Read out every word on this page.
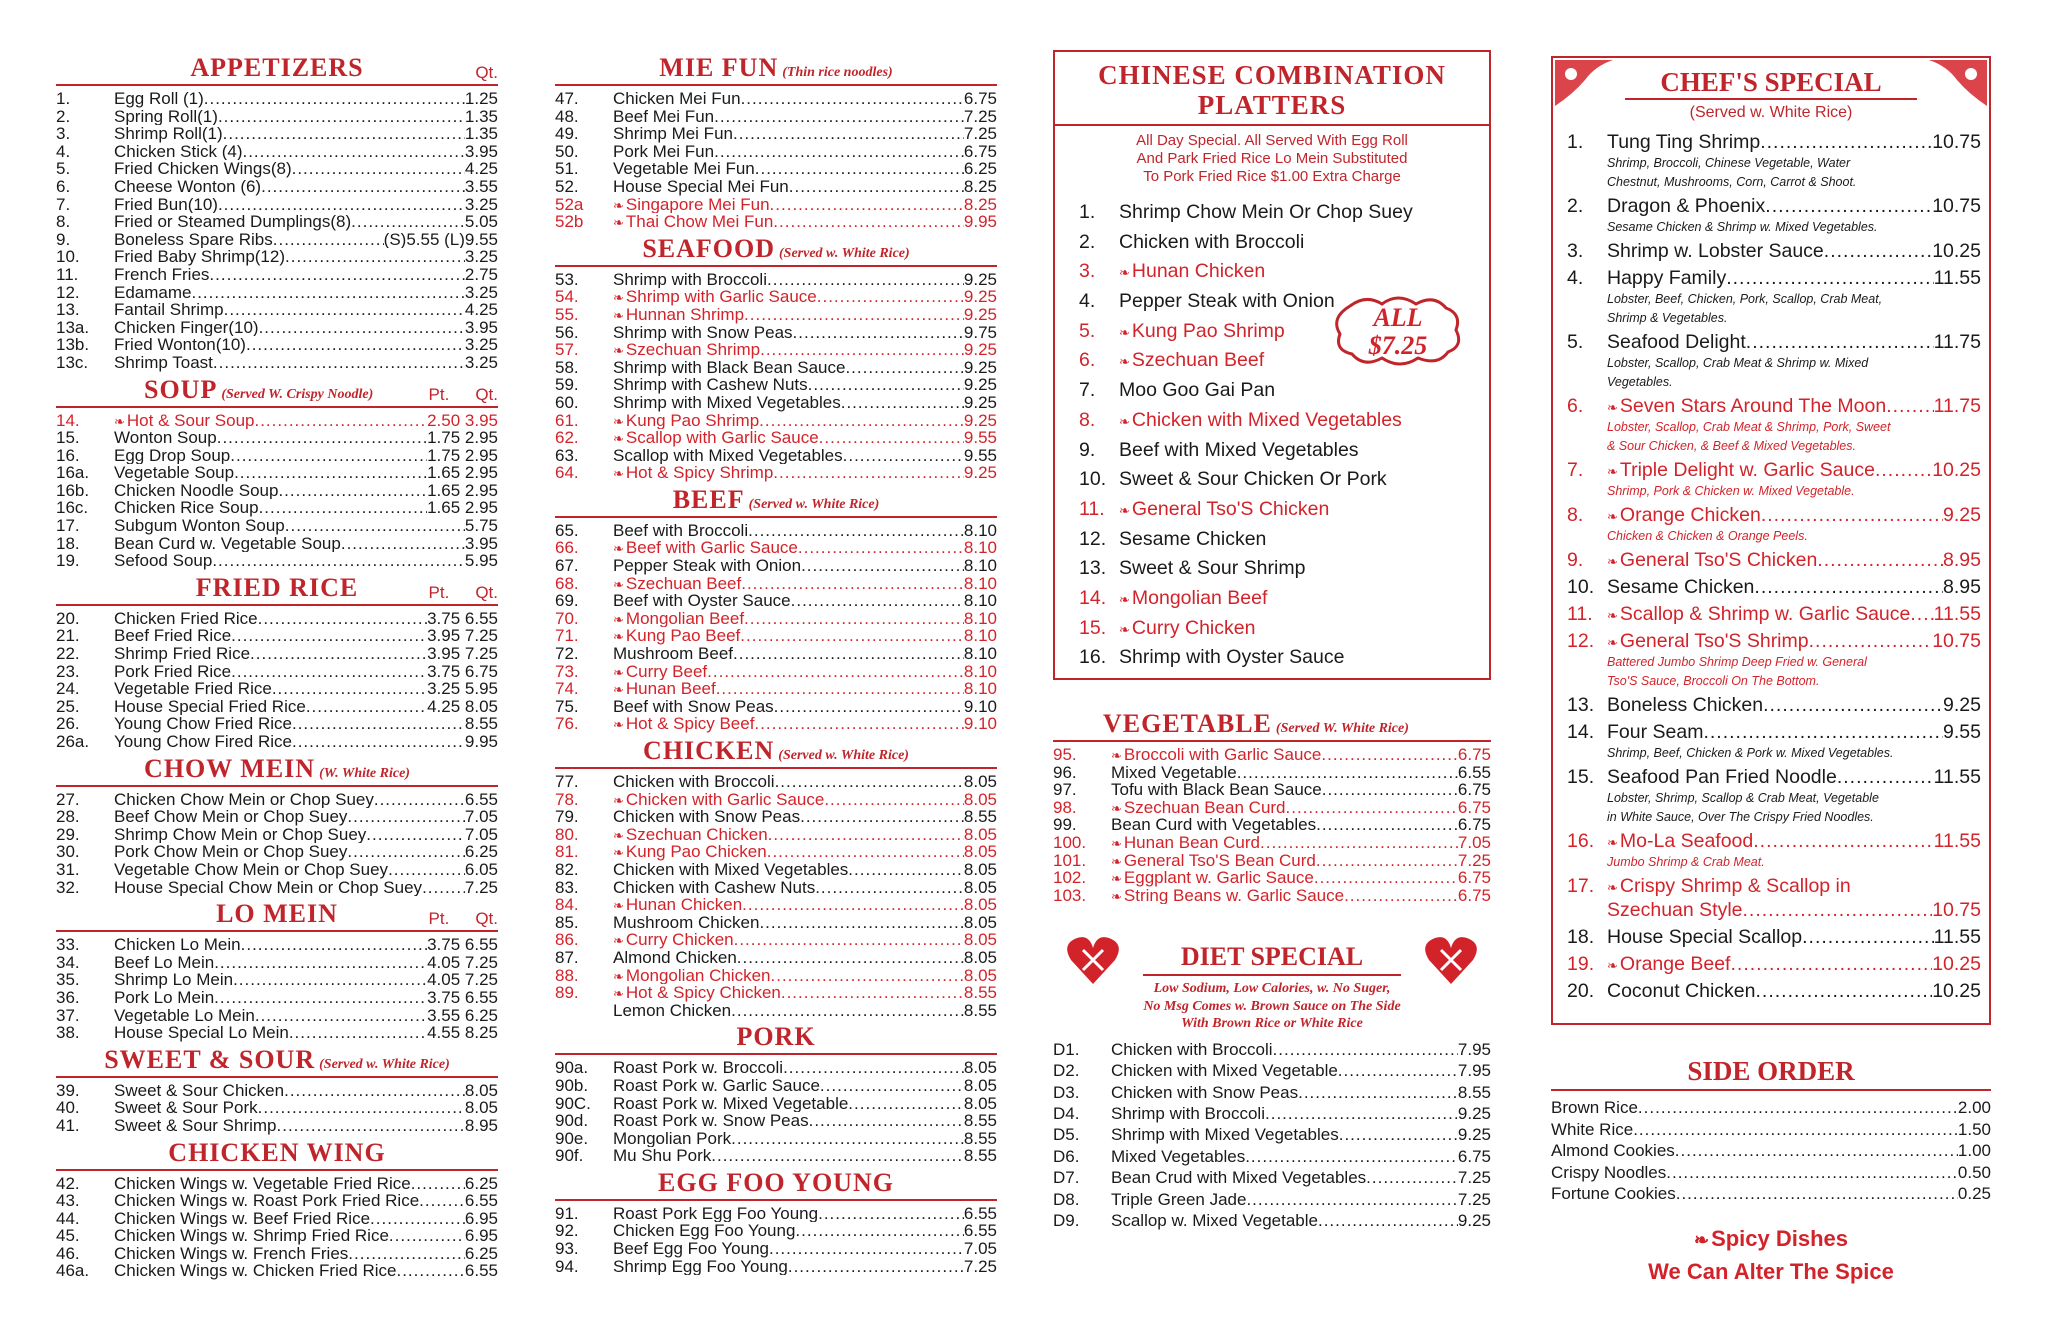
APPETIZERS	Qt.
1.	Egg Roll (1) .....	1.25
2.	Spring Roll(1) .....	1.35
3.	Shrimp Roll(1) .....	1.35
4.	Chicken Stick (4) .....	3.95
5.	Fried Chicken Wings(8) .....	4.25
6.	Cheese Wonton (6) .....	3.55
7.	Fried Bun(10) .....	3.25
8.	Fried or Steamed Dumplings(8) .....	5.05
9.	Boneless Spare Ribs .....	(S)5.55 (L)9.55
10.	Fried Baby Shrimp(12) .....	3.25
11.	French Fries .....	2.75
12.	Edamame .....	3.25
13.	Fantail Shrimp .....	4.25
13a.	Chicken Finger(10) .....	3.95
13b.	Fried Wonton(10) .....	3.25
13c.	Shrimp Toast .....	3.25
SOUP (Served W. Crispy Noodle)	Pt. Qt.
14.	❧ Hot & Sour Soup .....	2.50 3.95
15.	Wonton Soup .....	1.75 2.95
16.	Egg Drop Soup .....	1.75 2.95
16a.	Vegetable Soup .....	1.65 2.95
16b.	Chicken Noodle Soup .....	1.65 2.95
16c.	Chicken Rice Soup .....	1.65 2.95
17.	Subgum Wonton Soup .....	5.75
18.	Bean Curd w. Vegetable Soup .....	3.95
19.	Sefood Soup .....	5.95
FRIED RICE	Pt. Qt.
20.	Chicken Fried Rice .....	3.75 6.55
21.	Beef Fried Rice .....	3.95 7.25
22.	Shrimp Fried Rice .....	3.95 7.25
23.	Pork Fried Rice .....	3.75 6.75
24.	Vegetable Fried Rice .....	3.25 5.95
25.	House Special Fried Rice .....	4.25 8.05
26.	Young Chow Fried Rice .....	8.55
26a.	Young Chow Fired Rice .....	9.95
CHOW MEIN (W. White Rice)
27.	Chicken Chow Mein or Chop Suey .....	6.55
28.	Beef Chow Mein or Chop Suey .....	7.05
29.	Shrimp Chow Mein or Chop Suey .....	7.05
30.	Pork Chow Mein or Chop Suey .....	6.25
31.	Vegetable Chow Mein or Chop Suey .....	6.05
32.	House Special Chow Mein or Chop Suey .....	7.25
LO MEIN	Pt. Qt.
33.	Chicken Lo Mein .....	3.75 6.55
34.	Beef Lo Mein .....	4.05 7.25
35.	Shrimp Lo Mein .....	4.05 7.25
36.	Pork Lo Mein .....	3.75 6.55
37.	Vegetable Lo Mein .....	3.55 6.25
38.	House Special Lo Mein .....	4.55 8.25
SWEET & SOUR (Served w. White Rice)
39.	Sweet & Sour Chicken .....	8.05
40.	Sweet & Sour Pork .....	8.05
41.	Sweet & Sour Shrimp .....	8.95
CHICKEN WING
42.	Chicken Wings w. Vegetable Fried Rice .....	6.25
43.	Chicken Wings w. Roast Pork Fried Rice .....	6.55
44.	Chicken Wings w. Beef Fried Rice .....	6.95
45.	Chicken Wings w. Shrimp Fried Rice .....	6.95
46.	Chicken Wings w. French Fries .....	6.25
46a.	Chicken Wings w. Chicken Fried Rice .....	6.55
MIE FUN (Thin rice noodles)
47.	Chicken Mei Fun .....	6.75
48.	Beef Mei Fun .....	7.25
49.	Shrimp Mei Fun .....	7.25
50.	Pork Mei Fun .....	6.75
51.	Vegetable Mei Fun .....	6.25
52.	House Special Mei Fun .....	8.25
52a	❧ Singapore Mei Fun .....	8.25
52b	❧ Thai Chow Mei Fun .....	9.95
SEAFOOD (Served w. White Rice)
53.	Shrimp with Broccoli .....	9.25
54.	❧ Shrimp with Garlic Sauce .....	9.25
55.	❧ Hunnan Shrimp .....	9.25
56.	Shrimp with Snow Peas .....	9.75
57.	❧ Szechuan Shrimp .....	9.25
58.	Shrimp with Black Bean Sauce .....	9.25
59.	Shrimp with Cashew Nuts .....	9.25
60.	Shrimp with Mixed Vegetables .....	9.25
61.	❧ Kung Pao Shrimp .....	9.25
62.	❧ Scallop with Garlic Sauce .....	9.55
63.	Scallop with Mixed Vegetables .....	9.55
64.	❧ Hot & Spicy Shrimp .....	9.25
BEEF (Served w. White Rice)
65.	Beef with Broccoli .....	8.10
66.	❧ Beef with Garlic Sauce .....	8.10
67.	Pepper Steak with Onion .....	8.10
68.	❧ Szechuan Beef .....	8.10
69.	Beef with Oyster Sauce .....	8.10
70.	❧ Mongolian Beef .....	8.10
71.	❧ Kung Pao Beef .....	8.10
72.	Mushroom Beef .....	8.10
73.	❧ Curry Beef .....	8.10
74.	❧ Hunan Beef .....	8.10
75.	Beef with Snow Peas .....	9.10
76.	❧ Hot & Spicy Beef .....	9.10
CHICKEN (Served w. White Rice)
77.	Chicken with Broccoli .....	8.05
78.	❧ Chicken with Garlic Sauce .....	8.05
79.	Chicken with Snow Peas .....	8.55
80.	❧ Szechuan Chicken .....	8.05
81.	❧ Kung Pao Chicken .....	8.05
82.	Chicken with Mixed Vegetables .....	8.05
83.	Chicken with Cashew Nuts .....	8.05
84.	❧ Hunan Chicken .....	8.05
85.	Mushroom Chicken .....	8.05
86.	❧ Curry Chicken .....	8.05
87.	Almond Chicken .....	8.05
88.	❧ Mongolian Chicken .....	8.05
89.	❧ Hot & Spicy Chicken .....	8.55
Lemon Chicken .....	8.55
PORK
90a.	Roast Pork w. Broccoli .....	8.05
90b.	Roast Pork w. Garlic Sauce .....	8.05
90C.	Roast Pork w. Mixed Vegetable .....	8.05
90d.	Roast Pork w. Snow Peas .....	8.55
90e.	Mongolian Pork .....	8.55
90f.	Mu Shu Pork .....	8.55
EGG FOO YOUNG
91.	Roast Pork Egg Foo Young .....	6.55
92.	Chicken Egg Foo Young .....	6.55
93.	Beef Egg Foo Young .....	7.05
94.	Shrimp Egg Foo Young .....	7.25
CHINESE COMBINATION
PLATTERS
All Day Special. All Served With Egg Roll
And Park Fried Rice Lo Mein Substituted
To Pork Fried Rice $1.00 Extra Charge
1. Shrimp Chow Mein Or Chop Suey
2. Chicken with Broccoli
3. ❧ Hunan Chicken
4. Pepper Steak with Onion
5. ❧ Kung Pao Shrimp
6. ❧ Szechuan Beef
7. Moo Goo Gai Pan
8. ❧ Chicken with Mixed Vegetables
9. Beef with Mixed Vegetables
10. Sweet & Sour Chicken Or Pork
11. ❧ General Tso'S Chicken
12. Sesame Chicken
13. Sweet & Sour Shrimp
14. ❧ Mongolian Beef
15. ❧ Curry Chicken
16. Shrimp with Oyster Sauce
ALL
$7.25
VEGETABLE (Served W. White Rice)
95.	❧ Broccoli with Garlic Sauce .....	6.75
96.	Mixed Vegetable .....	6.55
97.	Tofu with Black Bean Sauce .....	6.75
98.	❧ Szechuan Bean Curd .....	6.75
99.	Bean Curd with Vegetables .....	6.75
100.	❧ Hunan Bean Curd .....	7.05
101.	❧ General Tso'S Bean Curd .....	7.25
102.	❧ Eggplant w. Garlic Sauce .....	6.75
103.	❧ String Beans w. Garlic Sauce .....	6.75
DIET SPECIAL
Low Sodium, Low Calories, w. No Suger,
No Msg Comes w. Brown Sauce on The Side
With Brown Rice or White Rice
D1.	Chicken with Broccoli .....	7.95
D2.	Chicken with Mixed Vegetable .....	7.95
D3.	Chicken with Snow Peas .....	8.55
D4.	Shrimp with Broccoli .....	9.25
D5.	Shrimp with Mixed Vegetables .....	9.25
D6.	Mixed Vegetables .....	6.75
D7.	Bean Crud with Mixed Vegetables .....	7.25
D8.	Triple Green Jade .....	7.25
D9.	Scallop w. Mixed Vegetable .....	9.25
CHEF'S SPECIAL
(Served w. White Rice)
1.	Tung Ting Shrimp .....	10.75
Shrimp, Broccoli, Chinese Vegetable, Water
Chestnut, Mushrooms, Corn, Carrot & Shoot.
2.	Dragon & Phoenix .....	10.75
Sesame Chicken & Shrimp w. Mixed Vegetables.
3.	Shrimp w. Lobster Sauce .....	10.25
4.	Happy Family .....	11.55
Lobster, Beef, Chicken, Pork, Scallop, Crab Meat,
Shrimp & Vegetables.
5.	Seafood Delight .....	11.75
Lobster, Scallop, Crab Meat & Shrimp w. Mixed
Vegetables.
6.	❧ Seven Stars Around The Moon ..... 11.75
Lobster, Scallop, Crab Meat & Shrimp, Pork, Sweet
& Sour Chicken, & Beef & Mixed Vegetables.
7.	❧ Triple Delight w. Garlic Sauce .....	10.25
Shrimp, Pork & Chicken w. Mixed Vegetable.
8.	❧ Orange Chicken .....	9.25
Chicken & Chicken & Orange Peels.
9.	❧ General Tso'S Chicken .....	8.95
10. Sesame Chicken .....	8.95
11.	❧ Scallop & Shrimp w. Garlic Sauce ..... 11.55
12. ❧ General Tso'S Shrimp .....	10.75
Battered Jumbo Shrimp Deep Fried w. General
Tso'S Sauce, Broccoli On The Bottom.
13. Boneless Chicken .....	9.25
14. Four Seam .....	9.55
Shrimp, Beef, Chicken & Pork w. Mixed Vegetables.
15. Seafood Pan Fried Noodle .....	11.55
Lobster, Shrimp, Scallop & Crab Meat, Vegetable
in White Sauce, Over The Crispy Fried Noodles.
16. ❧ Mo-La Seafood .....	11.55
Jumbo Shrimp & Crab Meat.
17. ❧ Crispy Shrimp & Scallop in
Szechuan Style .....	10.75
18. House Special Scallop .....	11.55
19. ❧ Orange Beef .....	10.25
20. Coconut Chicken .....	10.25
SIDE ORDER
Brown Rice .....	2.00
White Rice .....	1.50
Almond Cookies .....	1.00
Crispy Noodles .....	0.50
Fortune Cookies .....	0.25
❧Spicy Dishes
We Can Alter The Spice
